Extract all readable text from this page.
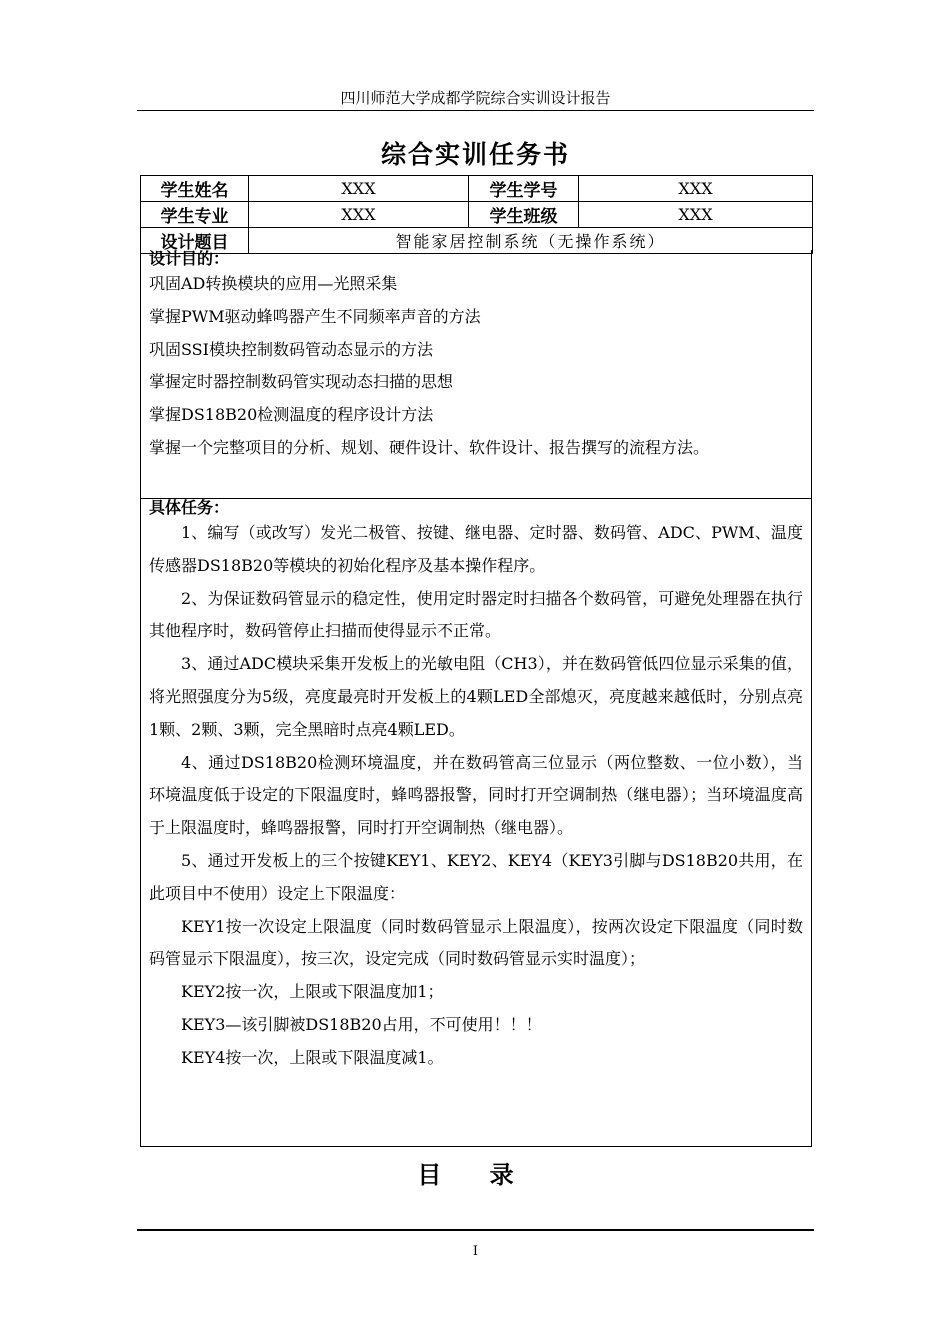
四川师范大学成都学院综合实训设计报告
综合实训任务书
学生姓名	XXX	学生学号	XXX
学生专业	XXX	学生班级	XXX
设计题目	智能家居控制系统（无操作系统）		
设计目的：
巩固AD转换模块的应用—光照采集
掌握PWM驱动蜂鸣器产生不同频率声音的方法
巩固SSI模块控制数码管动态显示的方法
掌握定时器控制数码管实现动态扫描的思想
掌握DS18B20检测温度的程序设计方法
掌握一个完整项目的分析、规划、硬件设计、软件设计、报告撰写的流程方法。
具体任务：
1、编写（或改写）发光二极管、按键、继电器、定时器、数码管、ADC、PWM、温度传感器DS18B20等模块的初始化程序及基本操作程序。
2、为保证数码管显示的稳定性，使用定时器定时扫描各个数码管，可避免处理器在执行其他程序时，数码管停止扫描而使得显示不正常。
3、通过ADC模块采集开发板上的光敏电阻（CH3），并在数码管低四位显示采集的值，将光照强度分为5级，亮度最亮时开发板上的4颗LED全部熄灭，亮度越来越低时，分别点亮1颗、2颗、3颗，完全黑暗时点亮4颗LED。
4、通过DS18B20检测环境温度，并在数码管高三位显示（两位整数、一位小数），当环境温度低于设定的下限温度时，蜂鸣器报警，同时打开空调制热（继电器）；当环境温度高于上限温度时，蜂鸣器报警，同时打开空调制热（继电器）。
5、通过开发板上的三个按键KEY1、KEY2、KEY4（KEY3引脚与DS18B20共用，在此项目中不使用）设定上下限温度：
KEY1按一次设定上限温度（同时数码管显示上限温度），按两次设定下限温度（同时数码管显示下限温度），按三次，设定完成（同时数码管显示实时温度）；
KEY2按一次，上限或下限温度加1；
KEY3—该引脚被DS18B20占用，不可使用！！！
KEY4按一次，上限或下限温度减1。
目 录
I
